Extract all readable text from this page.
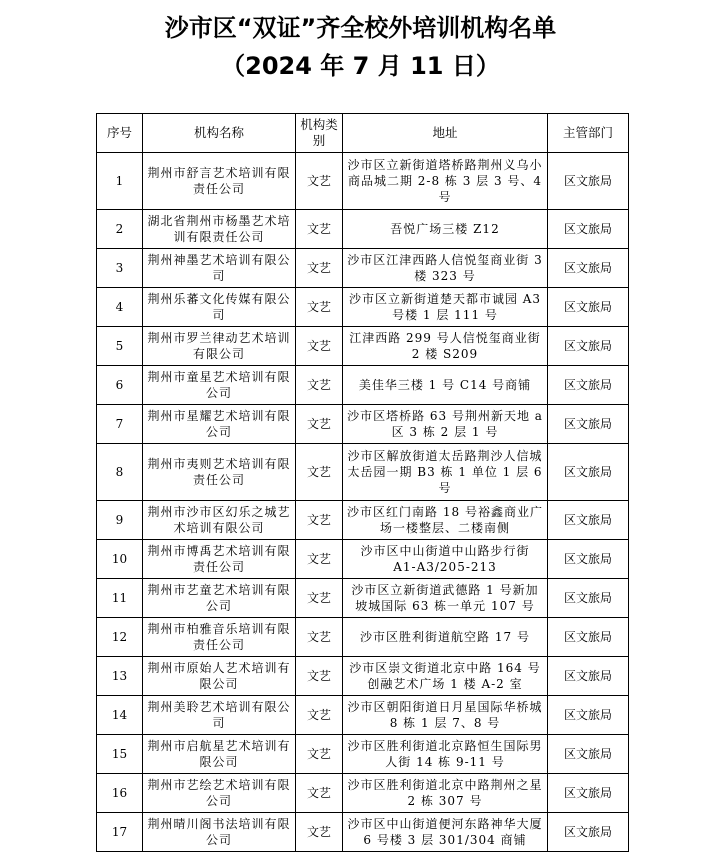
沙市区“双证”齐全校外培训机构名单
（2024 年 7 月 11 日）
序号	机构名称	机构类别	地址	主管部门
1	荆州市舒言艺术培训有限责任公司	文艺	沙市区立新街道塔桥路荆州义乌小商品城二期 2-8 栋 3 层 3 号、4 号	区文旅局
2	湖北省荆州市杨墨艺术培训有限责任公司	文艺	吾悦广场三楼 Z12	区文旅局
3	荆州神墨艺术培训有限公司	文艺	沙市区江津西路人信悦玺商业街 3 楼 323 号	区文旅局
4	荆州乐蕃文化传媒有限公司	文艺	沙市区立新街道楚天都市诚园 A3 号楼 1 层 111 号	区文旅局
5	荆州市罗兰律动艺术培训有限公司	文艺	江津西路 299 号人信悦玺商业街 2 楼 S209	区文旅局
6	荆州市童星艺术培训有限公司	文艺	美佳华三楼 1 号 C14 号商铺	区文旅局
7	荆州市星耀艺术培训有限公司	文艺	沙市区塔桥路 63 号荆州新天地 a 区 3 栋 2 层 1 号	区文旅局
8	荆州市夷则艺术培训有限责任公司	文艺	沙市区解放街道太岳路荆沙人信城太岳园一期 B3 栋 1 单位 1 层 6 号	区文旅局
9	荆州市沙市区幻乐之城艺术培训有限公司	文艺	沙市区红门南路 18 号裕鑫商业广场一楼整层、二楼南侧	区文旅局
10	荆州市博禹艺术培训有限责任公司	文艺	沙市区中山街道中山路步行街 A1-A3/205-213	区文旅局
11	荆州市艺童艺术培训有限公司	文艺	沙市区立新街道武德路 1 号新加坡城国际 63 栋一单元 107 号	区文旅局
12	荆州市柏雅音乐培训有限责任公司	文艺	沙市区胜利街道航空路 17 号	区文旅局
13	荆州市原始人艺术培训有限公司	文艺	沙市区崇文街道北京中路 164 号创融艺术广场 1 楼 A-2 室	区文旅局
14	荆州美聆艺术培训有限公司	文艺	沙市区朝阳街道日月星国际华桥城 8 栋 1 层 7、8 号	区文旅局
15	荆州市启航星艺术培训有限公司	文艺	沙市区胜利街道北京路恒生国际男人街 14 栋 9-11 号	区文旅局
16	荆州市艺绘艺术培训有限公司	文艺	沙市区胜利街道北京中路荆州之星 2 栋 307 号	区文旅局
17	荆州晴川阁书法培训有限公司	文艺	沙市区中山街道便河东路神华大厦 6 号楼 3 层 301/304 商铺	区文旅局
